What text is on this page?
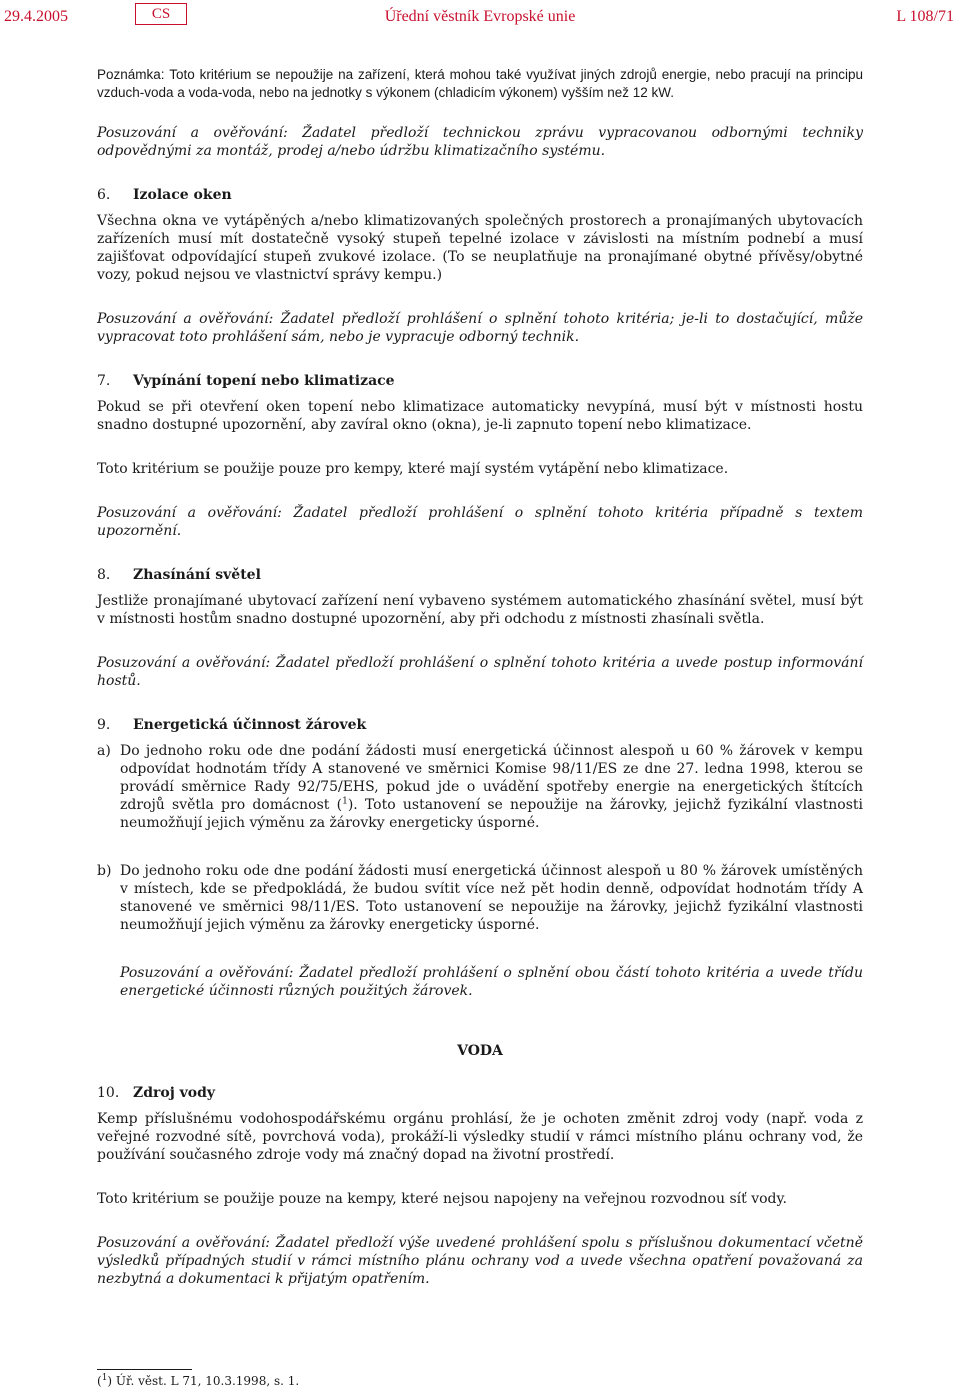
29.4.2005	CS	Úřední věstník Evropské unie	L 108/71

Poznámka: Toto kritérium se nepoužije na zařízení, která mohou také využívat jiných zdrojů energie, nebo pracují na principu vzduch-voda a voda-voda, nebo na jednotky s výkonem (chladicím výkonem) vyšším než 12 kW.

Posuzování a ověřování: Žadatel předloží technickou zprávu vypracovanou odbornými techniky odpovědnými za montáž, prodej a/nebo údržbu klimatizačního systému.

6. Izolace oken

Všechna okna ve vytápěných a/nebo klimatizovaných společných prostorech a pronajímaných ubytovacích zařízeních musí mít dostatečně vysoký stupeň tepelné izolace v závislosti na místním podnebí a musí zajišťovat odpovídající stupeň zvukové izolace. (To se neuplatňuje na pronajímané obytné přívěsy/obytné vozy, pokud nejsou ve vlastnictví správy kempu.)

Posuzování a ověřování: Žadatel předloží prohlášení o splnění tohoto kritéria; je-li to dostačující, může vypracovat toto prohlášení sám, nebo je vypracuje odborný technik.

7. Vypínání topení nebo klimatizace

Pokud se při otevření oken topení nebo klimatizace automaticky nevypíná, musí být v místnosti hostu snadno dostupné upozornění, aby zavíral okno (okna), je-li zapnuto topení nebo klimatizace.

Toto kritérium se použije pouze pro kempy, které mají systém vytápění nebo klimatizace.

Posuzování a ověřování: Žadatel předloží prohlášení o splnění tohoto kritéria případně s textem upozornění.

8. Zhasínání světel

Jestliže pronajímané ubytovací zařízení není vybaveno systémem automatického zhasínání světel, musí být v místnosti hostům snadno dostupné upozornění, aby při odchodu z místnosti zhasínali světla.

Posuzování a ověřování: Žadatel předloží prohlášení o splnění tohoto kritéria a uvede postup informování hostů.

9. Energetická účinnost žárovek

a) Do jednoho roku ode dne podání žádosti musí energetická účinnost alespoň u 60 % žárovek v kempu odpovídat hodnotám třídy A stanovené ve směrnici Komise 98/11/ES ze dne 27. ledna 1998, kterou se provádí směrnice Rady 92/75/EHS, pokud jde o uvádění spotřeby energie na energetických štítcích zdrojů světla pro domácnost ($^1$). Toto ustanovení se nepoužije na žárovky, jejichž fyzikální vlastnosti neumožňují jejich výměnu za žárovky energeticky úsporné.

b) Do jednoho roku ode dne podání žádosti musí energetická účinnost alespoň u 80 % žárovek umístěných v místech, kde se předpokládá, že budou svítit více než pět hodin denně, odpovídat hodnotám třídy A stanovené ve směrnici 98/11/ES. Toto ustanovení se nepoužije na žárovky, jejichž fyzikální vlastnosti neumožňují jejich výměnu za žárovky energeticky úsporné.

Posuzování a ověřování: Žadatel předloží prohlášení o splnění obou částí tohoto kritéria a uvede třídu energetické účinnosti různých použitých žárovek.

VODA

10. Zdroj vody

Kemp příslušnému vodohospodářskému orgánu prohlásí, že je ochoten změnit zdroj vody (např. voda z veřejné rozvodné sítě, povrchová voda), prokáží-li výsledky studií v rámci místního plánu ochrany vod, že používání současného zdroje vody má značný dopad na životní prostředí.

Toto kritérium se použije pouze na kempy, které nejsou napojeny na veřejnou rozvodnou síť vody.

Posuzování a ověřování: Žadatel předloží výše uvedené prohlášení spolu s příslušnou dokumentací včetně výsledků případných studií v rámci místního plánu ochrany vod a uvede všechna opatření považovaná za nezbytná a dokumentaci k přijatým opatřením.

($^1$) Úř. věst. L 71, 10.3.1998, s. 1.
